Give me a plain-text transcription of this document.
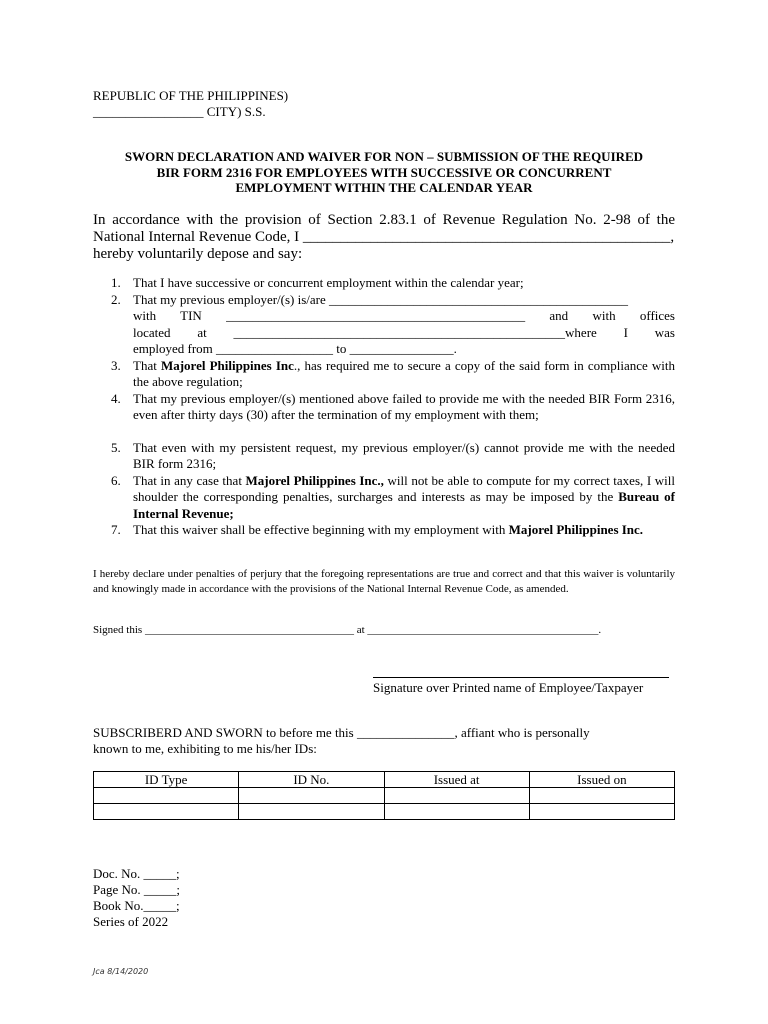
REPUBLIC OF THE PHILIPPINES)
_________________ CITY) S.S.
SWORN DECLARATION AND WAIVER FOR NON – SUBMISSION OF THE REQUIRED
BIR FORM 2316 FOR EMPLOYEES WITH SUCCESSIVE OR CONCURRENT
EMPLOYMENT WITHIN THE CALENDAR YEAR
In accordance with the provision of Section 2.83.1 of Revenue Regulation No. 2-98 of the
National Internal Revenue Code, I _________________________________________________,
hereby voluntarily depose and say:
1. That I have successive or concurrent employment within the calendar year;
2. That my previous employer/(s) is/are ______________________________________________
with TIN ______________________________________________ and with offices
located at ___________________________________________________where I was
employed from __________________ to ________________.
3. That Majorel Philippines Inc., has required me to secure a copy of the said form in compliance with the above regulation;
4. That my previous employer/(s) mentioned above failed to provide me with the needed BIR Form 2316, even after thirty days (30) after the termination of my employment with them;
5. That even with my persistent request, my previous employer/(s) cannot provide me with the needed BIR form 2316;
6. That in any case that Majorel Philippines Inc., will not be able to compute for my correct taxes, I will shoulder the corresponding penalties, surcharges and interests as may be imposed by the Bureau of Internal Revenue;
7. That this waiver shall be effective beginning with my employment with Majorel Philippines Inc.
I hereby declare under penalties of perjury that the foregoing representations are true and correct and that this waiver is voluntarily and knowingly made in accordance with the provisions of the National Internal Revenue Code, as amended.
Signed this ______________________________________ at __________________________________________.
Signature over Printed name of Employee/Taxpayer
SUBSCRIBERD AND SWORN to before me this _______________, affiant who is personally
known to me, exhibiting to me his/her IDs:
ID Type	ID No.	Issued at	Issued on

Doc. No. _____;
Page No. _____;
Book No._____;
Series of 2022
Jca 8/14/2020
